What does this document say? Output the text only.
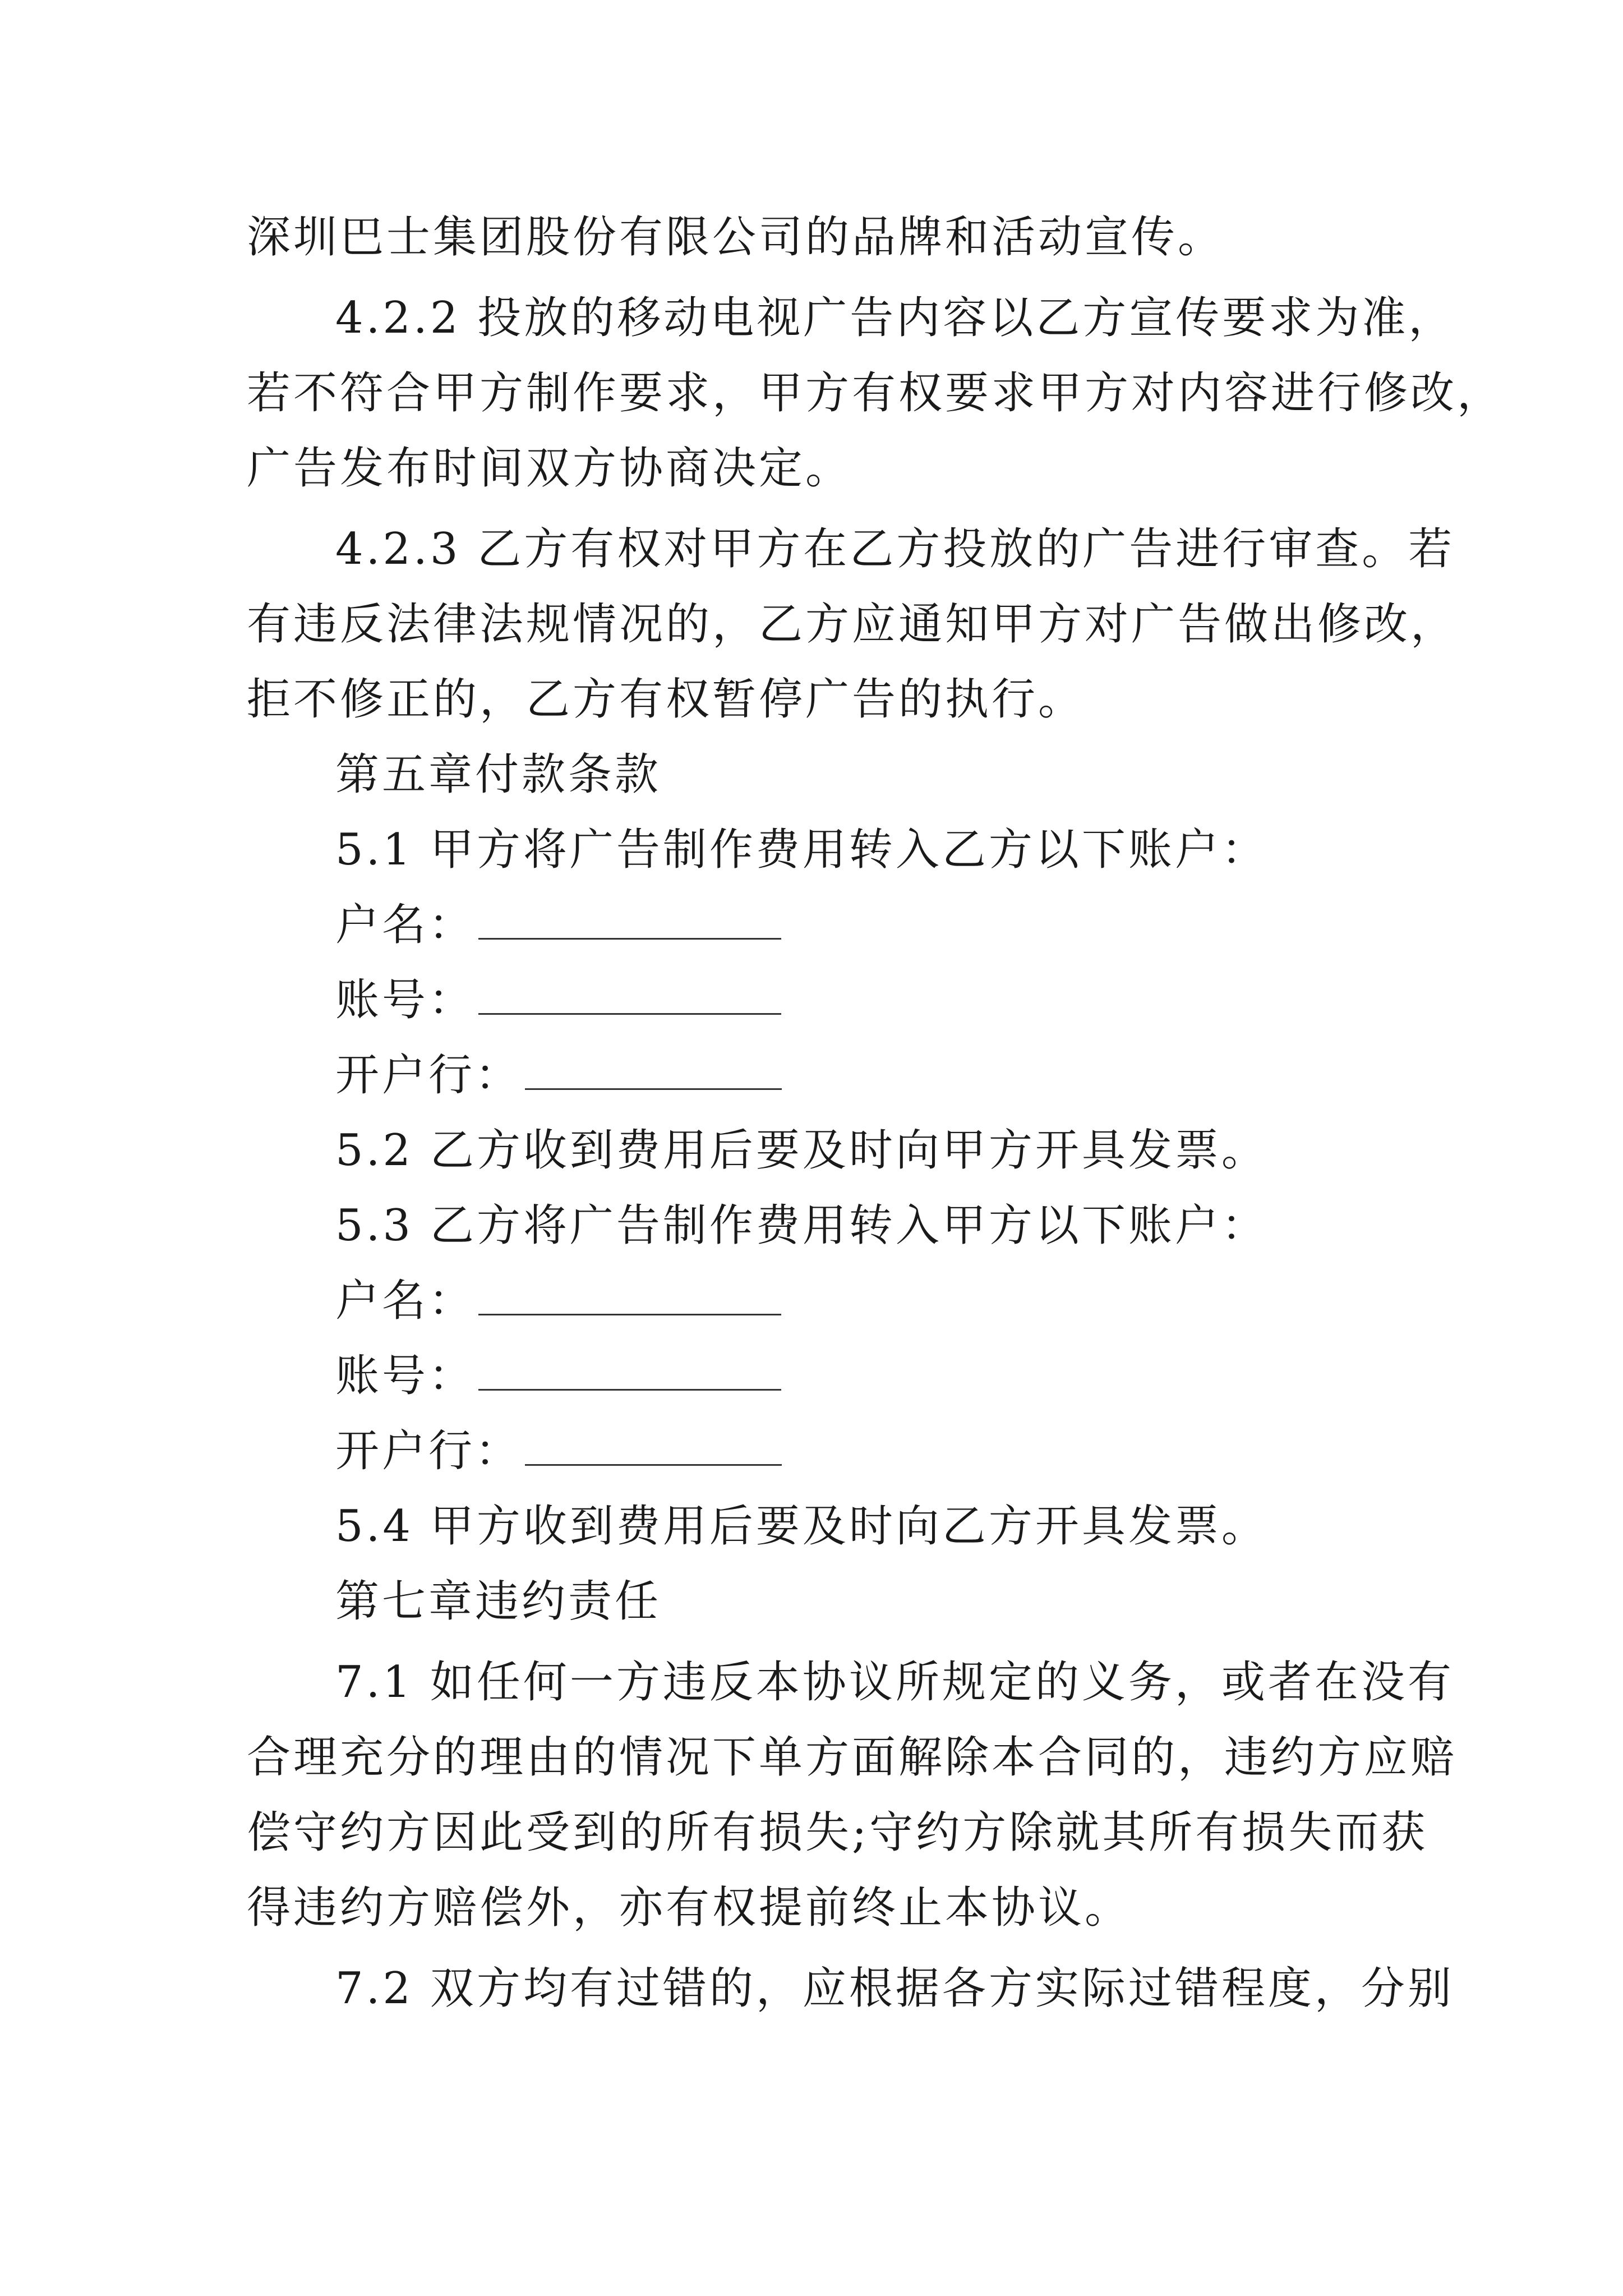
深圳巴士集团股份有限公司的品牌和活动宣传。
4.2.2 投放的移动电视广告内容以乙方宣传要求为准，
若不符合甲方制作要求，甲方有权要求甲方对内容进行修改，
广告发布时间双方协商决定。
4.2.3 乙方有权对甲方在乙方投放的广告进行审查。若
有违反法律法规情况的，乙方应通知甲方对广告做出修改，
拒不修正的，乙方有权暂停广告的执行。
第五章付款条款
5.1 甲方将广告制作费用转入乙方以下账户：
户名：
账号：
开户行：
5.2 乙方收到费用后要及时向甲方开具发票。
5.3 乙方将广告制作费用转入甲方以下账户：
户名：
账号：
开户行：
5.4 甲方收到费用后要及时向乙方开具发票。
第七章违约责任
7.1 如任何一方违反本协议所规定的义务，或者在没有
合理充分的理由的情况下单方面解除本合同的，违约方应赔
偿守约方因此受到的所有损失;守约方除就其所有损失而获
得违约方赔偿外，亦有权提前终止本协议。
7.2 双方均有过错的，应根据各方实际过错程度，分别
